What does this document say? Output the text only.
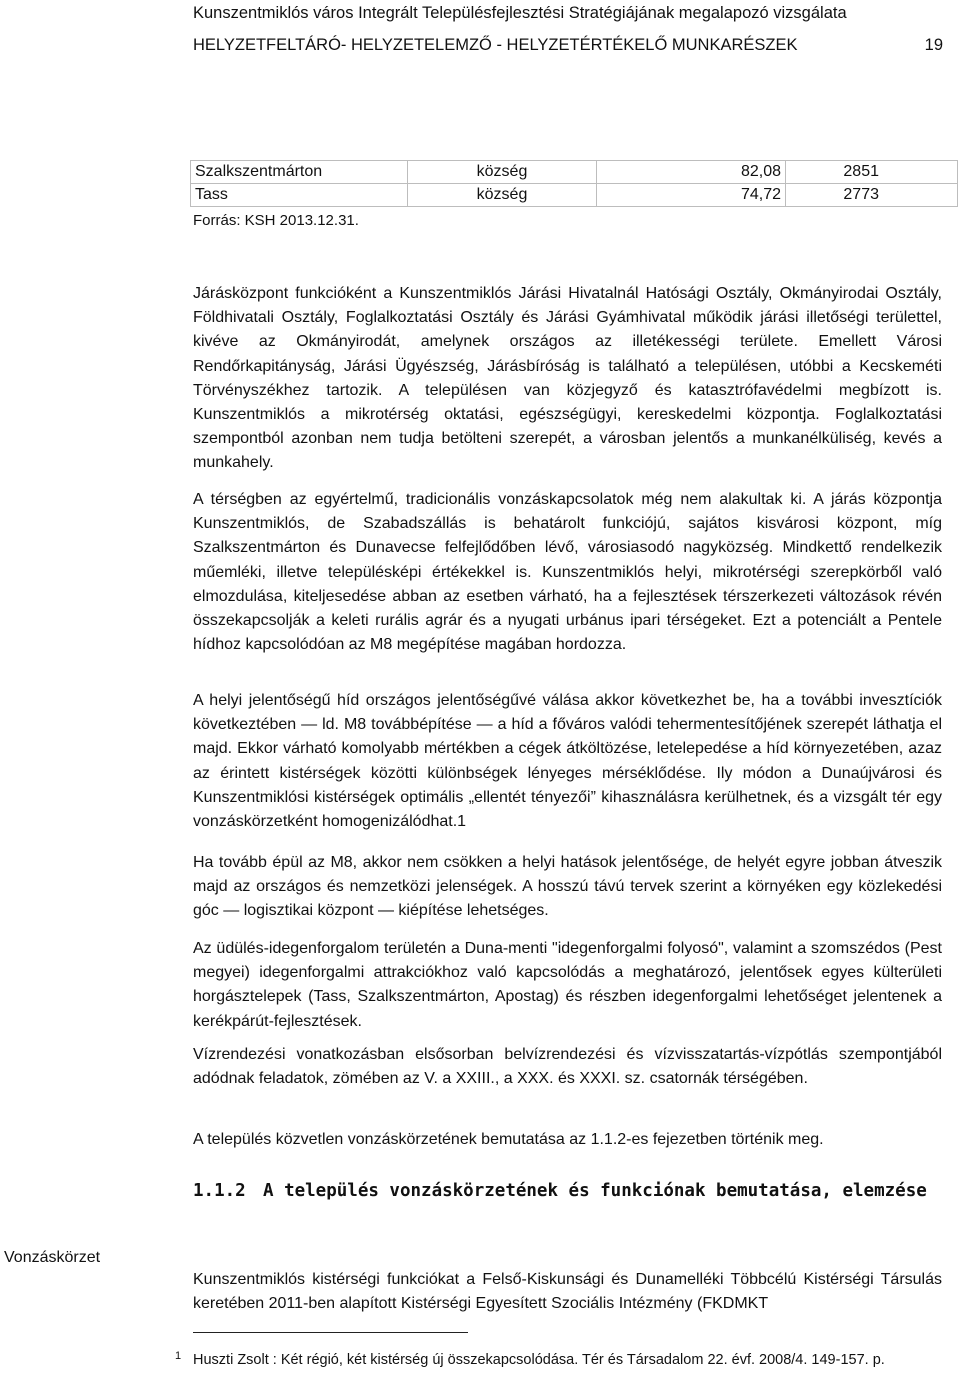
Kunszentmiklós város Integrált Településfejlesztési Stratégiájának megalapozó vizsgálata
HELYZETFELTÁRÓ- HELYZETELEMZŐ - HELYZETÉRTÉKELŐ MUNKARÉSZEK	19
Szalkszentmárton	község	82,08	2851
Tass	község	74,72	2773
Forrás: KSH 2013.12.31.

Járásközpont funkcióként a Kunszentmiklós Járási Hivatalnál Hatósági Osztály, Okmányirodai Osztály, Földhivatali Osztály, Foglalkoztatási Osztály és Járási Gyámhivatal működik járási illetőségi területtel, kivéve az Okmányirodát, amelynek országos az illetékességi területe. Emellett Városi Rendőrkapitányság, Járási Ügyészség, Járásbíróság is található a településen, utóbbi a Kecskeméti Törvényszékhez tartozik. A településen van közjegyző és katasztrófavédelmi megbízott is. Kunszentmiklós a mikrotérség oktatási, egészségügyi, kereskedelmi központja. Foglalkoztatási szempontból azonban nem tudja betölteni szerepét, a városban jelentős a munkanélküliség, kevés a munkahely.

A térségben az egyértelmű, tradicionális vonzáskapcsolatok még nem alakultak ki. A járás központja Kunszentmiklós, de Szabadszállás is behatárolt funkciójú, sajátos kisvárosi központ, míg Szalkszentmárton és Dunavecse felfejlődőben lévő, városiasodó nagyközség. Mindkettő rendelkezik műemléki, illetve településképi értékekkel is. Kunszentmiklós helyi, mikrotérségi szerepkörből való elmozdulása, kiteljesedése abban az esetben várható, ha a fejlesztések térszerkezeti változások révén összekapcsolják a keleti rurális agrár és a nyugati urbánus ipari térségeket. Ezt a potenciált a Pentele hídhoz kapcsolódóan az M8 megépítése magában hordozza.

A helyi jelentőségű híd országos jelentőségűvé válása akkor következhet be, ha a további invesztíciók következtében — ld. M8 továbbépítése — a híd a főváros valódi tehermentesítőjének szerepét láthatja el majd. Ekkor várható komolyabb mértékben a cégek átköltözése, letelepedése a híd környezetében, azaz az érintett kistérségek közötti különbségek lényeges mérséklődése. Ily módon a Dunaújvárosi és Kunszentmiklósi kistérségek optimális „ellentét tényezői” kihasználásra kerülhetnek, és a vizsgált tér egy vonzáskörzetként homogenizálódhat.1

Ha tovább épül az M8, akkor nem csökken a helyi hatások jelentősége, de helyét egyre jobban átveszik majd az országos és nemzetközi jelenségek. A hosszú távú tervek szerint a környéken egy közlekedési góc — logisztikai központ — kiépítése lehetséges.

Az üdülés-idegenforgalom területén a Duna-menti "idegenforgalmi folyosó", valamint a szomszédos (Pest megyei) idegenforgalmi attrakciókhoz való kapcsolódás a meghatározó, jelentősek egyes külterületi horgásztelepek (Tass, Szalkszentmárton, Apostag) és részben idegenforgalmi lehetőséget jelentenek a kerékpárút-fejlesztések.

Vízrendezési vonatkozásban elsősorban belvízrendezési és vízvisszatartás-vízpótlás szempontjából adódnak feladatok, zömében az V. a XXIII., a XXX. és XXXI. sz. csatornák térségében.

A település közvetlen vonzáskörzetének bemutatása az 1.1.2-es fejezetben történik meg.

1.1.2 A település vonzáskörzetének és funkciónak bemutatása, elemzése
Vonzáskörzet

Kunszentmiklós kistérségi funkciókat a Felső-Kiskunsági és Dunamelléki Többcélú Kistérségi Társulás keretében 2011-ben alapított Kistérségi Egyesített Szociális Intézmény (FKDMKT

1 Huszti Zsolt : Két régió, két kistérség új összekapcsolódása. Tér és Társadalom 22. évf. 2008/4. 149-157. p.
